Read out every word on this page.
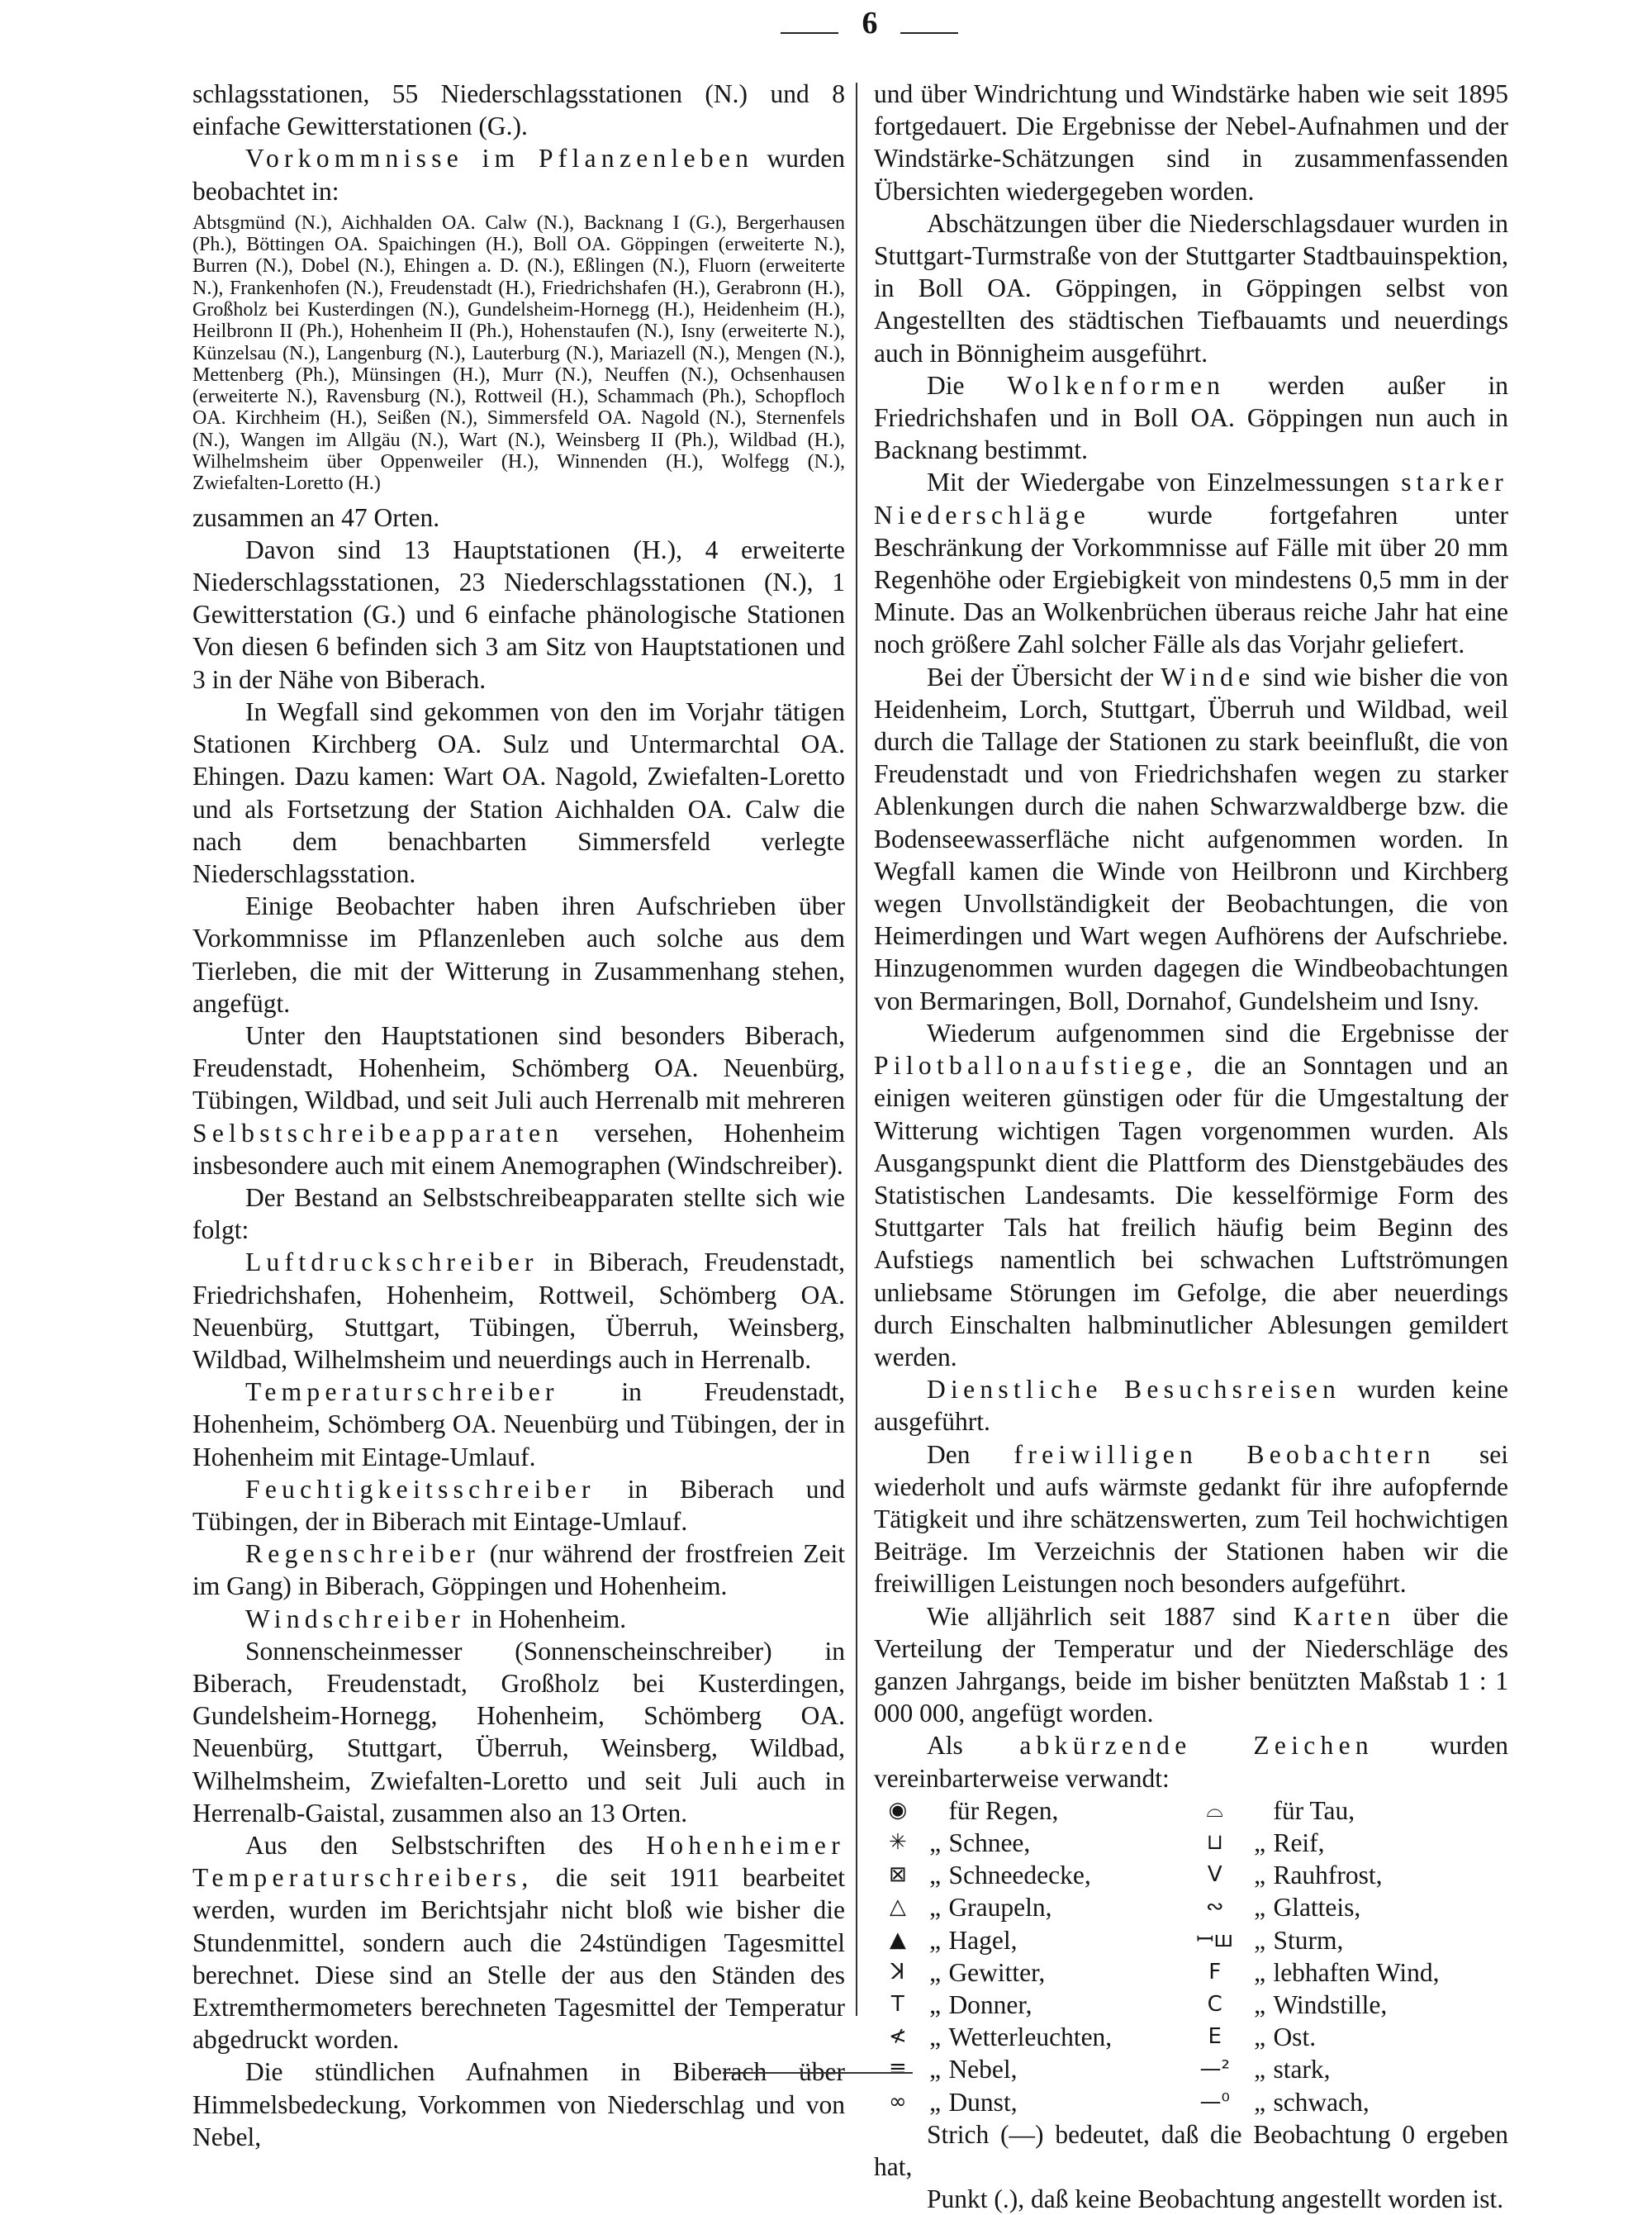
6

schlagsstationen, 55 Niederschlagsstationen (N.) und 8 einfache Gewitterstationen (G.).

Vorkommnisse im Pflanzenleben wurden beobachtet in:

Abtsgmünd (N.), Aichhalden OA. Calw (N.), Backnang I (G.), Bergerhausen (Ph.), Böttingen OA. Spaichingen (H.), Boll OA. Göppingen (erweiterte N.), Burren (N.), Dobel (N.), Ehingen a. D. (N.), Eßlingen (N.), Fluorn (erweiterte N.), Frankenhofen (N.), Freudenstadt (H.), Friedrichshafen (H.), Gerabronn (H.), Großholz bei Kusterdingen (N.), Gundelsheim-Hornegg (H.), Heidenheim (H.), Heilbronn II (Ph.), Hohenheim II (Ph.), Hohenstaufen (N.), Isny (erweiterte N.), Künzelsau (N.), Langenburg (N.), Lauterburg (N.), Mariazell (N.), Mengen (N.), Mettenberg (Ph.), Münsingen (H.), Murr (N.), Neuffen (N.), Ochsenhausen (erweiterte N.), Ravensburg (N.), Rottweil (H.), Schammach (Ph.), Schopfloch OA. Kirchheim (H.), Seißen (N.), Simmersfeld OA. Nagold (N.), Sternenfels (N.), Wangen im Allgäu (N.), Wart (N.), Weinsberg II (Ph.), Wildbad (H.), Wilhelmsheim über Oppenweiler (H.), Winnenden (H.), Wolfegg (N.), Zwiefalten-Loretto (H.)

zusammen an 47 Orten.

Davon sind 13 Hauptstationen (H.), 4 erweiterte Niederschlagsstationen, 23 Niederschlagsstationen (N.), 1 Gewitterstation (G.) und 6 einfache phänologische Stationen Von diesen 6 befinden sich 3 am Sitz von Hauptstationen und 3 in der Nähe von Biberach.

In Wegfall sind gekommen von den im Vorjahr tätigen Stationen Kirchberg OA. Sulz und Untermarchtal OA. Ehingen. Dazu kamen: Wart OA. Nagold, Zwiefalten-Loretto und als Fortsetzung der Station Aichhalden OA. Calw die nach dem benachbarten Simmersfeld verlegte Niederschlagsstation.

Einige Beobachter haben ihren Aufschrieben über Vorkommnisse im Pflanzenleben auch solche aus dem Tierleben, die mit der Witterung in Zusammenhang stehen, angefügt.

Unter den Hauptstationen sind besonders Biberach, Freudenstadt, Hohenheim, Schömberg OA. Neuenbürg, Tübingen, Wildbad, und seit Juli auch Herrenalb mit mehreren Selbstschreibeapparaten versehen, Hohenheim insbesondere auch mit einem Anemographen (Windschreiber).

Der Bestand an Selbstschreibeapparaten stellte sich wie folgt:

Luftdruckschreiber in Biberach, Freudenstadt, Friedrichshafen, Hohenheim, Rottweil, Schömberg OA. Neuenbürg, Stuttgart, Tübingen, Überruh, Weinsberg, Wildbad, Wilhelmsheim und neuerdings auch in Herrenalb.

Temperaturschreiber in Freudenstadt, Hohenheim, Schömberg OA. Neuenbürg und Tübingen, der in Hohenheim mit Eintage-Umlauf.

Feuchtigkeitsschreiber in Biberach und Tübingen, der in Biberach mit Eintage-Umlauf.

Regenschreiber (nur während der frostfreien Zeit im Gang) in Biberach, Göppingen und Hohenheim.

Windschreiber in Hohenheim.

Sonnenscheinmesser (Sonnenscheinschreiber) in Biberach, Freudenstadt, Großholz bei Kusterdingen, Gundelsheim-Hornegg, Hohenheim, Schömberg OA. Neuenbürg, Stuttgart, Überruh, Weinsberg, Wildbad, Wilhelmsheim, Zwiefalten-Loretto und seit Juli auch in Herrenalb-Gaistal, zusammen also an 13 Orten.

Aus den Selbstschriften des Hohenheimer Temperaturschreibers, die seit 1911 bearbeitet werden, wurden im Berichtsjahr nicht bloß wie bisher die Stundenmittel, sondern auch die 24stündigen Tagesmittel berechnet. Diese sind an Stelle der aus den Ständen des Extremthermometers berechneten Tagesmittel der Temperatur abgedruckt worden.

Die stündlichen Aufnahmen in Biberach über Himmelsbedeckung, Vorkommen von Niederschlag und von Nebel,

und über Windrichtung und Windstärke haben wie seit 1895 fortgedauert. Die Ergebnisse der Nebel-Aufnahmen und der Windstärke-Schätzungen sind in zusammenfassenden Übersichten wiedergegeben worden.

Abschätzungen über die Niederschlagsdauer wurden in Stuttgart-Turmstraße von der Stuttgarter Stadtbauinspektion, in Boll OA. Göppingen, in Göppingen selbst von Angestellten des städtischen Tiefbauamts und neuerdings auch in Bönnigheim ausgeführt.

Die Wolkenformen werden außer in Friedrichshafen und in Boll OA. Göppingen nun auch in Backnang bestimmt.

Mit der Wiedergabe von Einzelmessungen starker Niederschläge wurde fortgefahren unter Beschränkung der Vorkommnisse auf Fälle mit über 20 mm Regenhöhe oder Ergiebigkeit von mindestens 0,5 mm in der Minute. Das an Wolkenbrüchen überaus reiche Jahr hat eine noch größere Zahl solcher Fälle als das Vorjahr geliefert.

Bei der Übersicht der Winde sind wie bisher die von Heidenheim, Lorch, Stuttgart, Überruh und Wildbad, weil durch die Tallage der Stationen zu stark beeinflußt, die von Freudenstadt und von Friedrichshafen wegen zu starker Ablenkungen durch die nahen Schwarzwaldberge bzw. die Bodenseewasserfläche nicht aufgenommen worden. In Wegfall kamen die Winde von Heilbronn und Kirchberg wegen Unvollständigkeit der Beobachtungen, die von Heimerdingen und Wart wegen Aufhörens der Aufschriebe. Hinzugenommen wurden dagegen die Windbeobachtungen von Bermaringen, Boll, Dornahof, Gundelsheim und Isny.

Wiederum aufgenommen sind die Ergebnisse der Pilotballonaufstiege, die an Sonntagen und an einigen weiteren günstigen oder für die Umgestaltung der Witterung wichtigen Tagen vorgenommen wurden. Als Ausgangspunkt dient die Plattform des Dienstgebäudes des Statistischen Landesamts. Die kesselförmige Form des Stuttgarter Tals hat freilich häufig beim Beginn des Aufstiegs namentlich bei schwachen Luftströmungen unliebsame Störungen im Gefolge, die aber neuerdings durch Einschalten halbminutlicher Ablesungen gemildert werden.

Dienstliche Besuchsreisen wurden keine ausgeführt.

Den freiwilligen Beobachtern sei wiederholt und aufs wärmste gedankt für ihre aufopfernde Tätigkeit und ihre schätzenswerten, zum Teil hochwichtigen Beiträge. Im Verzeichnis der Stationen haben wir die freiwilligen Leistungen noch besonders aufgeführt.

Wie alljährlich seit 1887 sind Karten über die Verteilung der Temperatur und der Niederschläge des ganzen Jahrgangs, beide im bisher benützten Maßstab 1 : 1 000 000, angefügt worden.

Als abkürzende Zeichen wurden vereinbarterweise verwandt:

◉		für Regen,	⌓		für Tau,
✳	„	Schnee,	⊔	„	Reif,
⊠	„	Schneedecke,	V	„	Rauhfrost,
△	„	Graupeln,	∾	„	Glatteis,
▲	„	Hagel,	ꟷш	„	Sturm,
ꓘ	„	Gewitter,	F	„	lebhaften Wind,
T	„	Donner,	C	„	Windstille,
≮	„	Wetterleuchten,	E	„	Ost.
≡	„	Nebel,	—²	„	stark,
∞	„	Dunst,	—⁰	„	schwach,

Strich (—) bedeutet, daß die Beobachtung 0 ergeben hat,

Punkt (.), daß keine Beobachtung angestellt worden ist.
